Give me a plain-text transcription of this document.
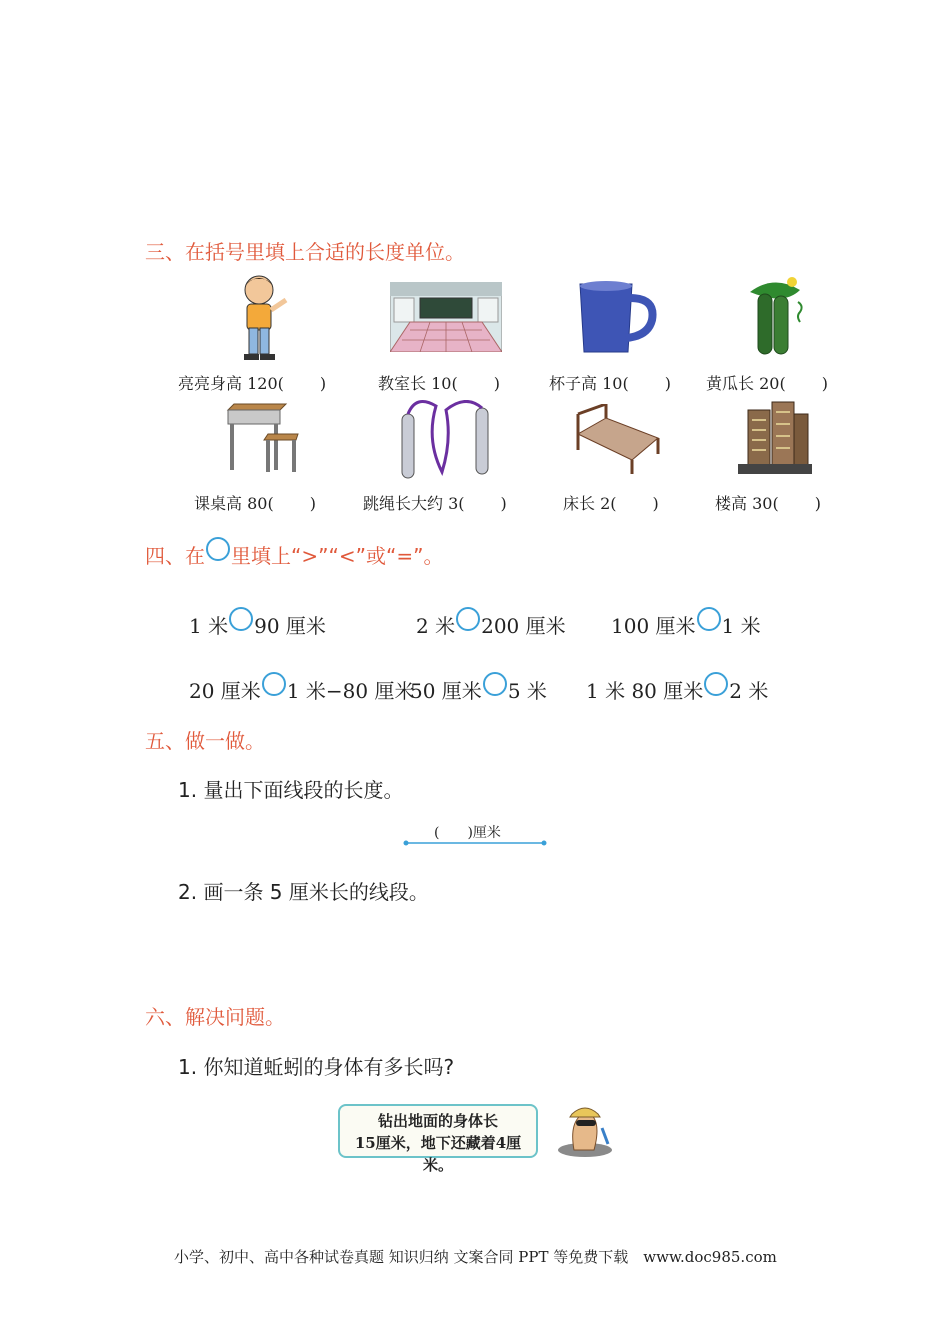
三、在括号里填上合适的长度单位。
亮亮身高 120( )	教室长 10( )	杯子高 10( ) 黄瓜长 20( )
课桌高 80( )	跳绳长大约 3( )	床长 2( )	楼高 30( )
四、在 里填上“>”“<”或“=”。
1 米 90 厘米	2 米 200 厘米 100 厘米 1 米
20 厘米 1 米−80 厘米
50 厘米 5 米 1 米 80 厘米 2 米
五、做一做。
1. 量出下面线段的长度。
(　　)厘米
2. 画一条 5 厘米长的线段。
六、解决问题。
1. 你知道蚯蚓的身体有多长吗?
钻出地面的身体长
15厘米，地下还藏着4厘米。
小学、初中、高中各种试卷真题 知识归纳 文案合同 PPT 等免费下载　www.doc985.com
